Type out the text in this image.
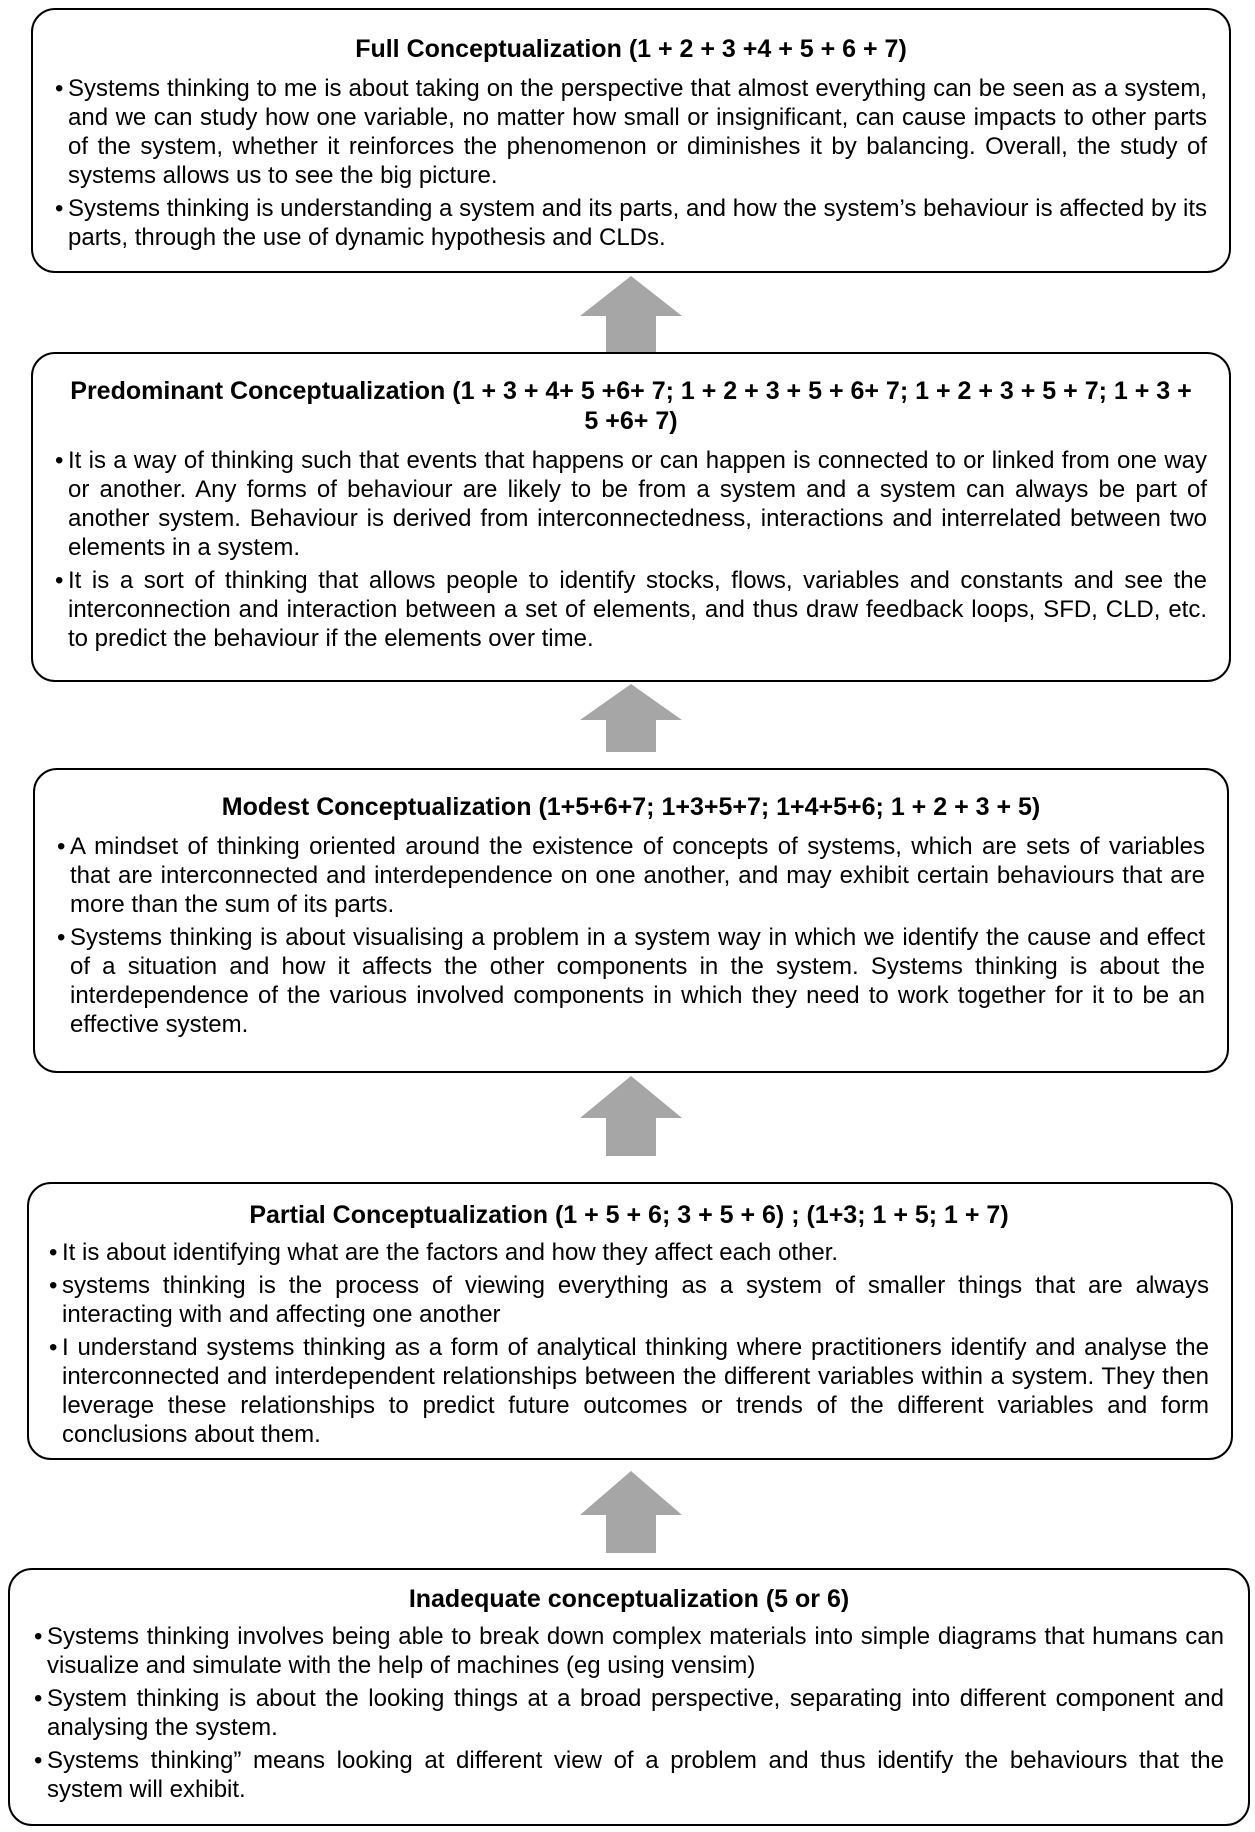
Full Conceptualization (1 + 2 + 3 +4 + 5 + 6 + 7)
• Systems thinking to me is about taking on the perspective that almost everything can be seen as a system, and we can study how one variable, no matter how small or insignificant, can cause impacts to other parts of the system, whether it reinforces the phenomenon or diminishes it by balancing. Overall, the study of systems allows us to see the big picture.
• Systems thinking is understanding a system and its parts, and how the system’s behaviour is affected by its parts, through the use of dynamic hypothesis and CLDs.
Predominant Conceptualization (1 + 3 + 4+ 5 +6+ 7; 1 + 2 + 3 + 5 + 6+ 7; 1 + 2 + 3 + 5 + 7; 1 + 3 + 5 +6+ 7)
• It is a way of thinking such that events that happens or can happen is connected to or linked from one way or another. Any forms of behaviour are likely to be from a system and a system can always be part of another system. Behaviour is derived from interconnectedness, interactions and interrelated between two elements in a system.
• It is a sort of thinking that allows people to identify stocks, flows, variables and constants and see the interconnection and interaction between a set of elements, and thus draw feedback loops, SFD, CLD, etc. to predict the behaviour if the elements over time.
Modest Conceptualization (1+5+6+7; 1+3+5+7; 1+4+5+6; 1 + 2 + 3 + 5)
• A mindset of thinking oriented around the existence of concepts of systems, which are sets of variables that are interconnected and interdependence on one another, and may exhibit certain behaviours that are more than the sum of its parts.
• Systems thinking is about visualising a problem in a system way in which we identify the cause and effect of a situation and how it affects the other components in the system. Systems thinking is about the interdependence of the various involved components in which they need to work together for it to be an effective system.
Partial Conceptualization (1 + 5 + 6; 3 + 5 + 6) ; (1+3; 1 + 5; 1 + 7)
• It is about identifying what are the factors and how they affect each other.
• systems thinking is the process of viewing everything as a system of smaller things that are always interacting with and affecting one another
• I understand systems thinking as a form of analytical thinking where practitioners identify and analyse the interconnected and interdependent relationships between the different variables within a system. They then leverage these relationships to predict future outcomes or trends of the different variables and form conclusions about them.
Inadequate conceptualization (5 or 6)
• Systems thinking involves being able to break down complex materials into simple diagrams that humans can visualize and simulate with the help of machines (eg using vensim)
• System thinking is about the looking things at a broad perspective, separating into different component and analysing the system.
• Systems thinking” means looking at different view of a problem and thus identify the behaviours that the system will exhibit.
